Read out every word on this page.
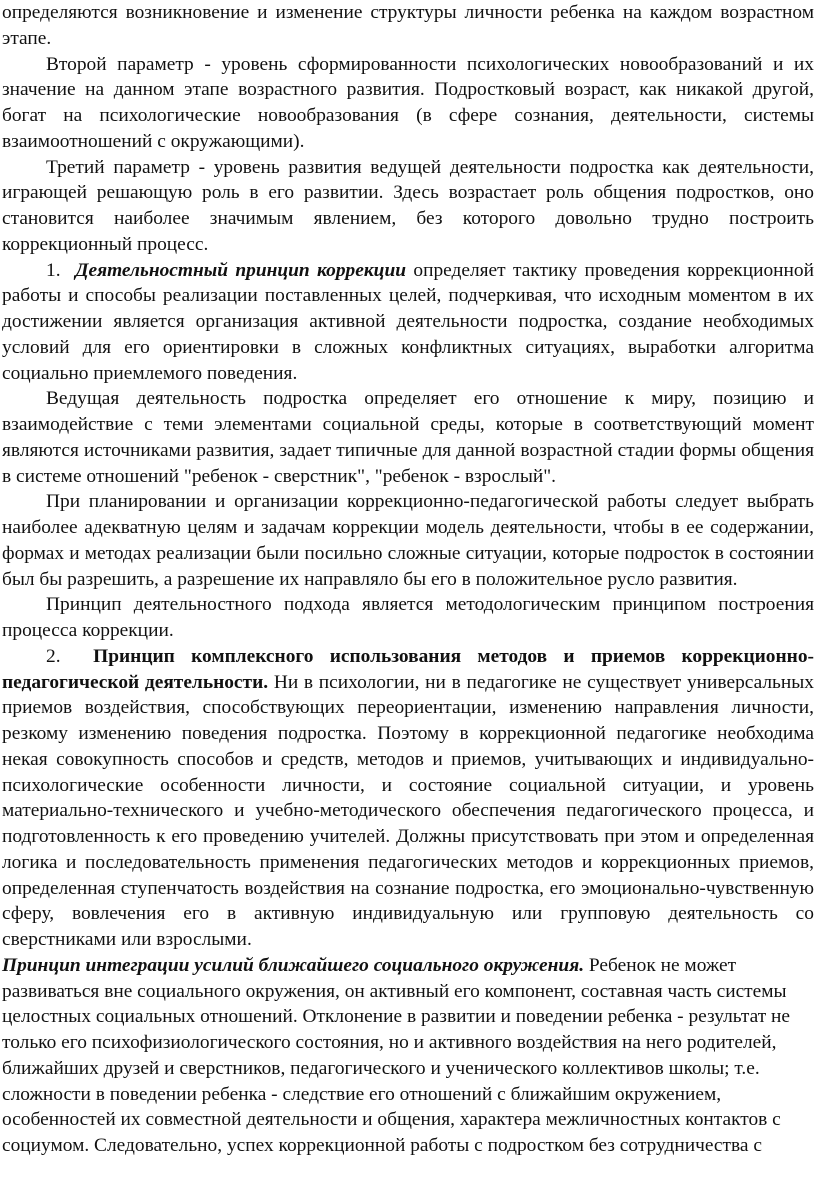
определяются возникновение и изменение структуры личности ребенка на каждом возрастном этапе.

Второй параметр - уровень сформированности психологических новообразований и их значение на данном этапе возрастного развития. Подростковый возраст, как никакой другой, богат на психологические новообразования (в сфере сознания, деятельности, системы взаимоотношений с окружающими).

Третий параметр - уровень развития ведущей деятельности подростка как деятельности, играющей решающую роль в его развитии. Здесь возрастает роль общения подростков, оно становится наиболее значимым явлением, без которого довольно трудно построить коррекционный процесс.

1. Деятельностный принцип коррекции определяет тактику проведения коррекционной работы и способы реализации поставленных целей, подчеркивая, что исходным моментом в их достижении является организация активной деятельности подростка, создание необходимых условий для его ориентировки в сложных конфликтных ситуациях, выработки алгоритма социально приемлемого поведения.

Ведущая деятельность подростка определяет его отношение к миру, позицию и взаимодействие с теми элементами социальной среды, которые в соответствующий момент являются источниками развития, задает типичные для данной возрастной стадии формы общения в системе отношений "ребенок - сверстник", "ребенок - взрослый".

При планировании и организации коррекционно-педагогической работы следует выбрать наиболее адекватную целям и задачам коррекции модель деятельности, чтобы в ее содержании, формах и методах реализации были посильно сложные ситуации, которые подросток в состоянии был бы разрешить, а разрешение их направляло бы его в положительное русло развития.

Принцип деятельностного подхода является методологическим принципом построения процесса коррекции.

2. Принцип комплексного использования методов и приемов коррекционно-педагогической деятельности. Ни в психологии, ни в педагогике не существует универсальных приемов воздействия, способствующих переориентации, изменению направления личности, резкому изменению поведения подростка. Поэтому в коррекционной педагогике необходима некая совокупность способов и средств, методов и приемов, учитывающих и индивидуально-психологические особенности личности, и состояние социальной ситуации, и уровень материально-технического и учебно-методического обеспечения педагогического процесса, и подготовленность к его проведению учителей. Должны присутствовать при этом и определенная логика и последовательность применения педагогических методов и коррекционных приемов, определенная ступенчатость воздействия на сознание подростка, его эмоционально-чувственную сферу, вовлечения его в активную индивидуальную или групповую деятельность со сверстниками или взрослыми.

Принцип интеграции усилий ближайшего социального окружения. Ребенок не может развиваться вне социального окружения, он активный его компонент, составная часть системы целостных социальных отношений. Отклонение в развитии и поведении ребенка - результат не только его психофизиологического состояния, но и активного воздействия на него родителей, ближайших друзей и сверстников, педагогического и ученического коллективов школы; т.е. сложности в поведении ребенка - следствие его отношений с ближайшим окружением, особенностей их совместной деятельности и общения, характера межличностных контактов с социумом. Следовательно, успех коррекционной работы с подростком без сотрудничества с
